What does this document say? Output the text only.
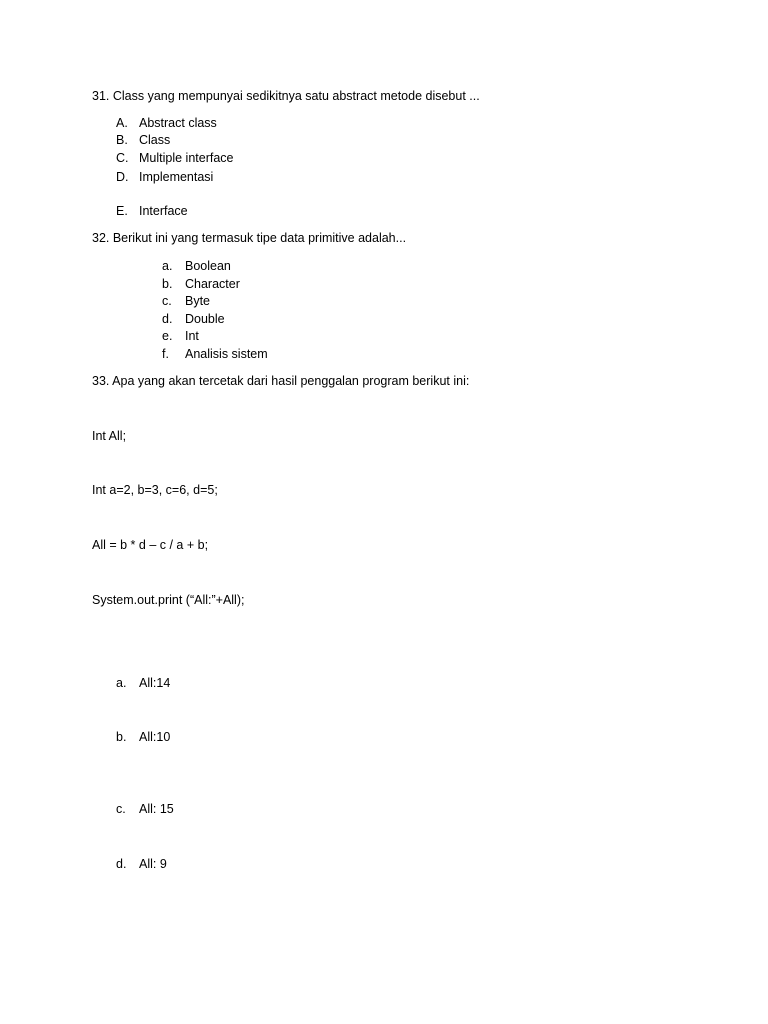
31. Class yang mempunyai sedikitnya satu abstract metode disebut ...
A. Abstract class
B. Class
C. Multiple interface
D. Implementasi
E. Interface
32. Berikut ini yang termasuk tipe data primitive adalah...
a. Boolean
b. Character
c. Byte
d. Double
e. Int
f. Analisis sistem
33. Apa yang akan tercetak dari hasil penggalan program berikut ini:
Int All;
Int a=2, b=3, c=6, d=5;
All = b * d – c / a + b;
System.out.print (“All:”+All);
a. All:14
b. All:10
c. All: 15
d. All: 9
